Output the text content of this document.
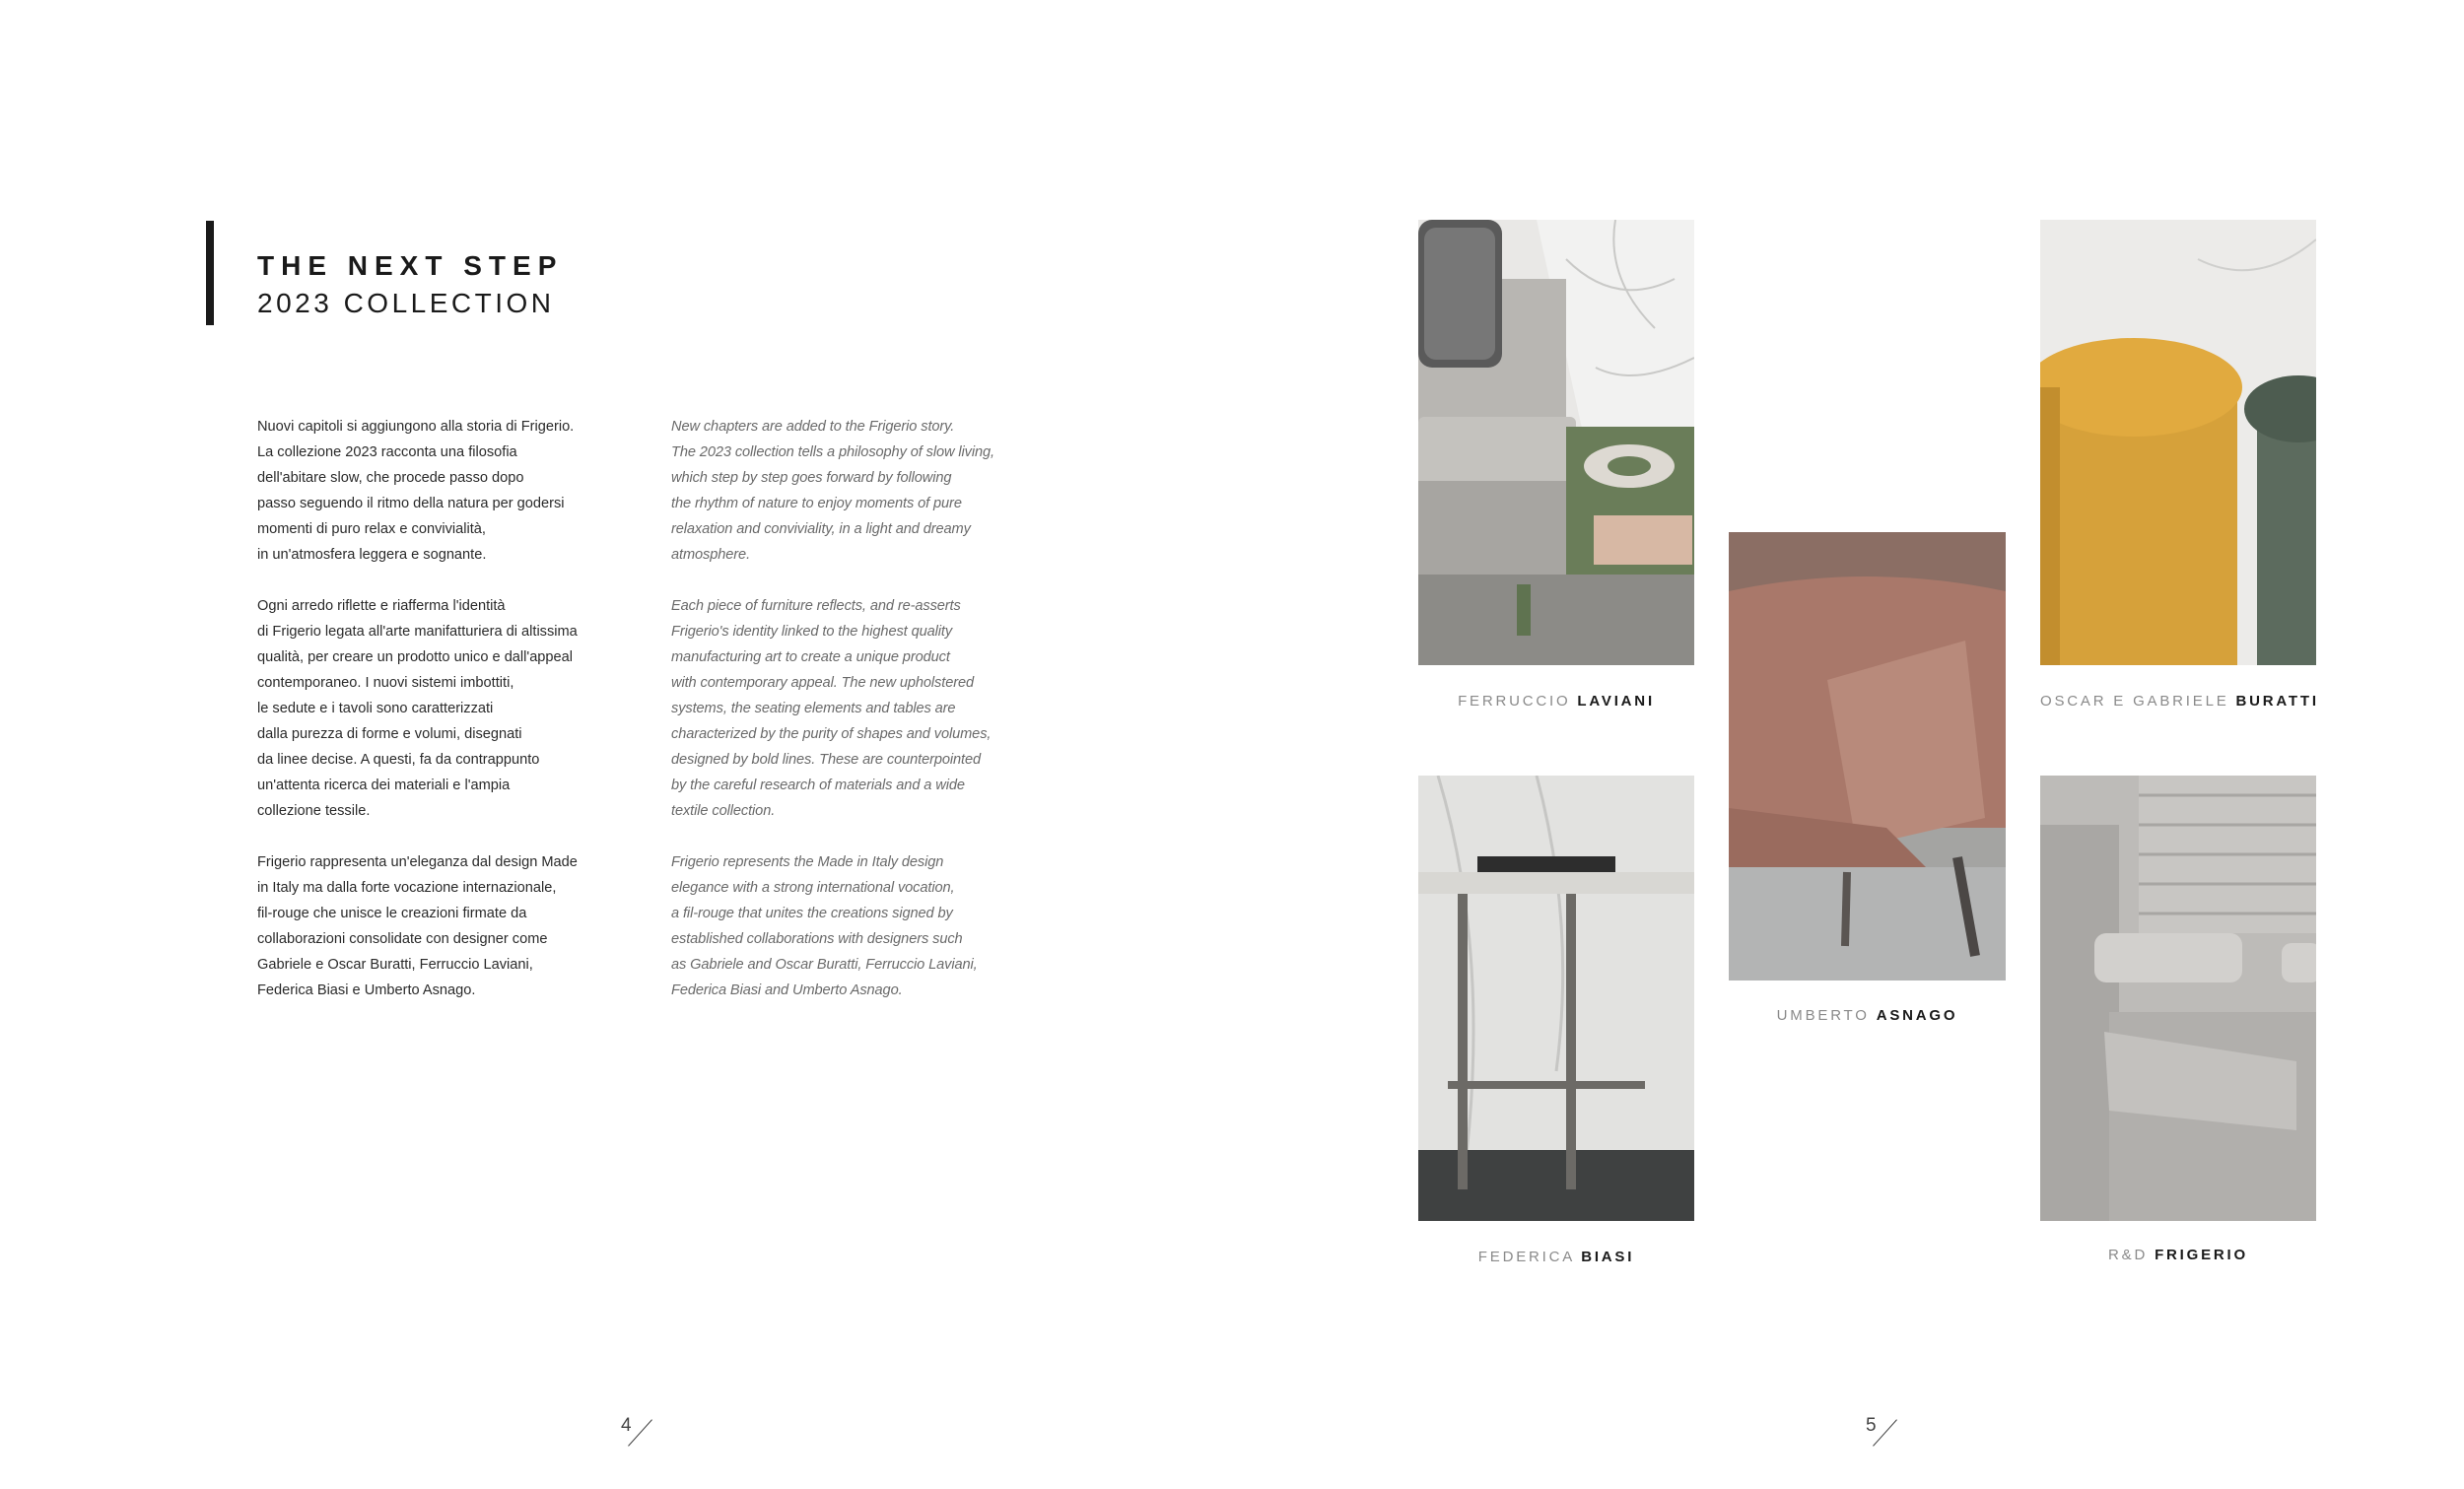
THE NEXT STEP
2023 COLLECTION

Nuovi capitoli si aggiungono alla storia di Frigerio.
La collezione 2023 racconta una filosofia
dell'abitare slow, che procede passo dopo
passo seguendo il ritmo della natura per godersi
momenti di puro relax e convivialità,
in un'atmosfera leggera e sognante.

Ogni arredo riflette e riafferma l'identità
di Frigerio legata all'arte manifatturiera di altissima
qualità, per creare un prodotto unico e dall'appeal
contemporaneo. I nuovi sistemi imbottiti,
le sedute e i tavoli sono caratterizzati
dalla purezza di forme e volumi, disegnati
da linee decise. A questi, fa da contrappunto
un'attenta ricerca dei materiali e l'ampia
collezione tessile.

Frigerio rappresenta un'eleganza dal design Made
in Italy ma dalla forte vocazione internazionale,
fil-rouge che unisce le creazioni firmate da
collaborazioni consolidate con designer come
Gabriele e Oscar Buratti, Ferruccio Laviani,
Federica Biasi e Umberto Asnago.

New chapters are added to the Frigerio story.
The 2023 collection tells a philosophy of slow living,
which step by step goes forward by following
the rhythm of nature to enjoy moments of pure
relaxation and conviviality, in a light and dreamy
atmosphere.

Each piece of furniture reflects, and re-asserts
Frigerio's identity linked to the highest quality
manufacturing art to create a unique product
with contemporary appeal. The new upholstered
systems, the seating elements and tables are
characterized by the purity of shapes and volumes,
designed by bold lines. These are counterpointed
by the careful research of materials and a wide
textile collection.

Frigerio represents the Made in Italy design
elegance with a strong international vocation,
a fil-rouge that unites the creations signed by
established collaborations with designers such
as Gabriele and Oscar Buratti, Ferruccio Laviani,
Federica Biasi and Umberto Asnago.

4
FERRUCCIO LAVIANI
UMBERTO ASNAGO
OSCAR E GABRIELE BURATTI
FEDERICA BIASI	R&D FRIGERIO
5
